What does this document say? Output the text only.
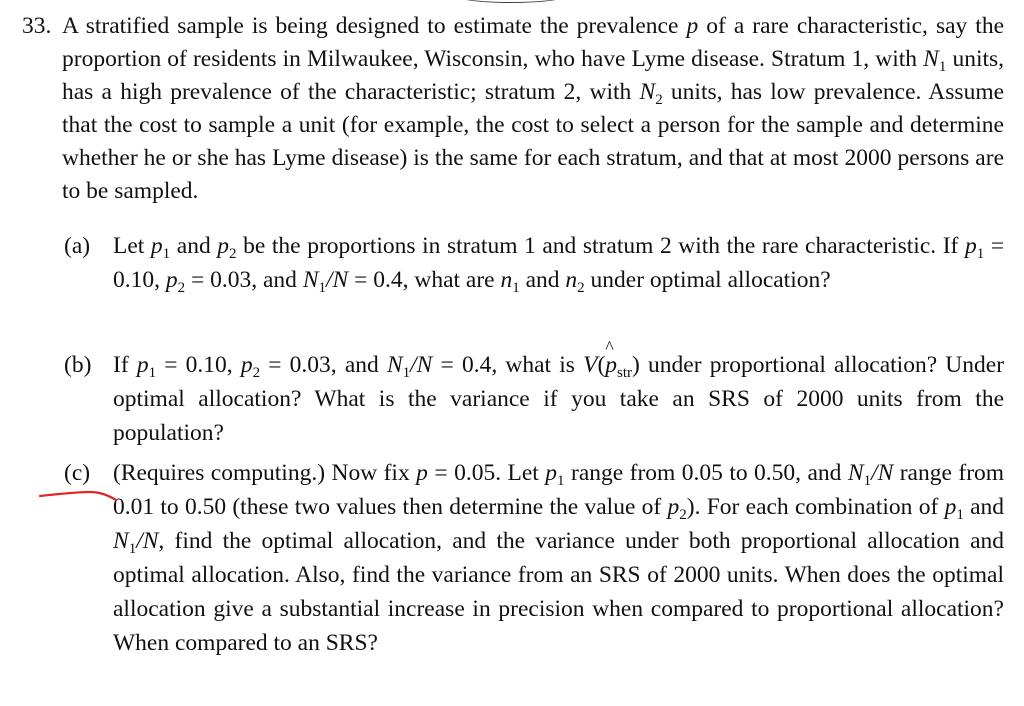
33. A stratified sample is being designed to estimate the prevalence p of a rare characteristic, say the proportion of residents in Milwaukee, Wisconsin, who have Lyme disease. Stratum 1, with $N_1$ units, has a high prevalence of the characteristic; stratum 2, with $N_2$ units, has low prevalence. Assume that the cost to sample a unit (for example, the cost to select a person for the sample and determine whether he or she has Lyme disease) is the same for each stratum, and that at most 2000 persons are to be sampled.
(a) Let $p_1$ and $p_2$ be the proportions in stratum 1 and stratum 2 with the rare characteristic. If $p_1 = 0.10$, $p_2 = 0.03$, and $N_1/N = 0.4$, what are $n_1$ and $n_2$ under optimal allocation?
(b) If $p_1 = 0.10$, $p_2 = 0.03$, and $N_1/N = 0.4$, what is V(
^
$p_{str}$) under proportional allocation? Under optimal allocation? What is the variance if you take an SRS of 2000 units from the population?
(c) (Requires computing.) Now fix p = 0.05. Let $p_1$ range from 0.05 to 0.50, and $N_1/N$ range from 0.01 to 0.50 (these two values then determine the value of $p_2$). For each combination of $p_1$ and $N_1/N$, find the optimal allocation, and the variance under both proportional allocation and optimal allocation. Also, find the variance from an SRS of 2000 units. When does the optimal allocation give a substantial increase in precision when compared to proportional allocation? When compared to an SRS?
